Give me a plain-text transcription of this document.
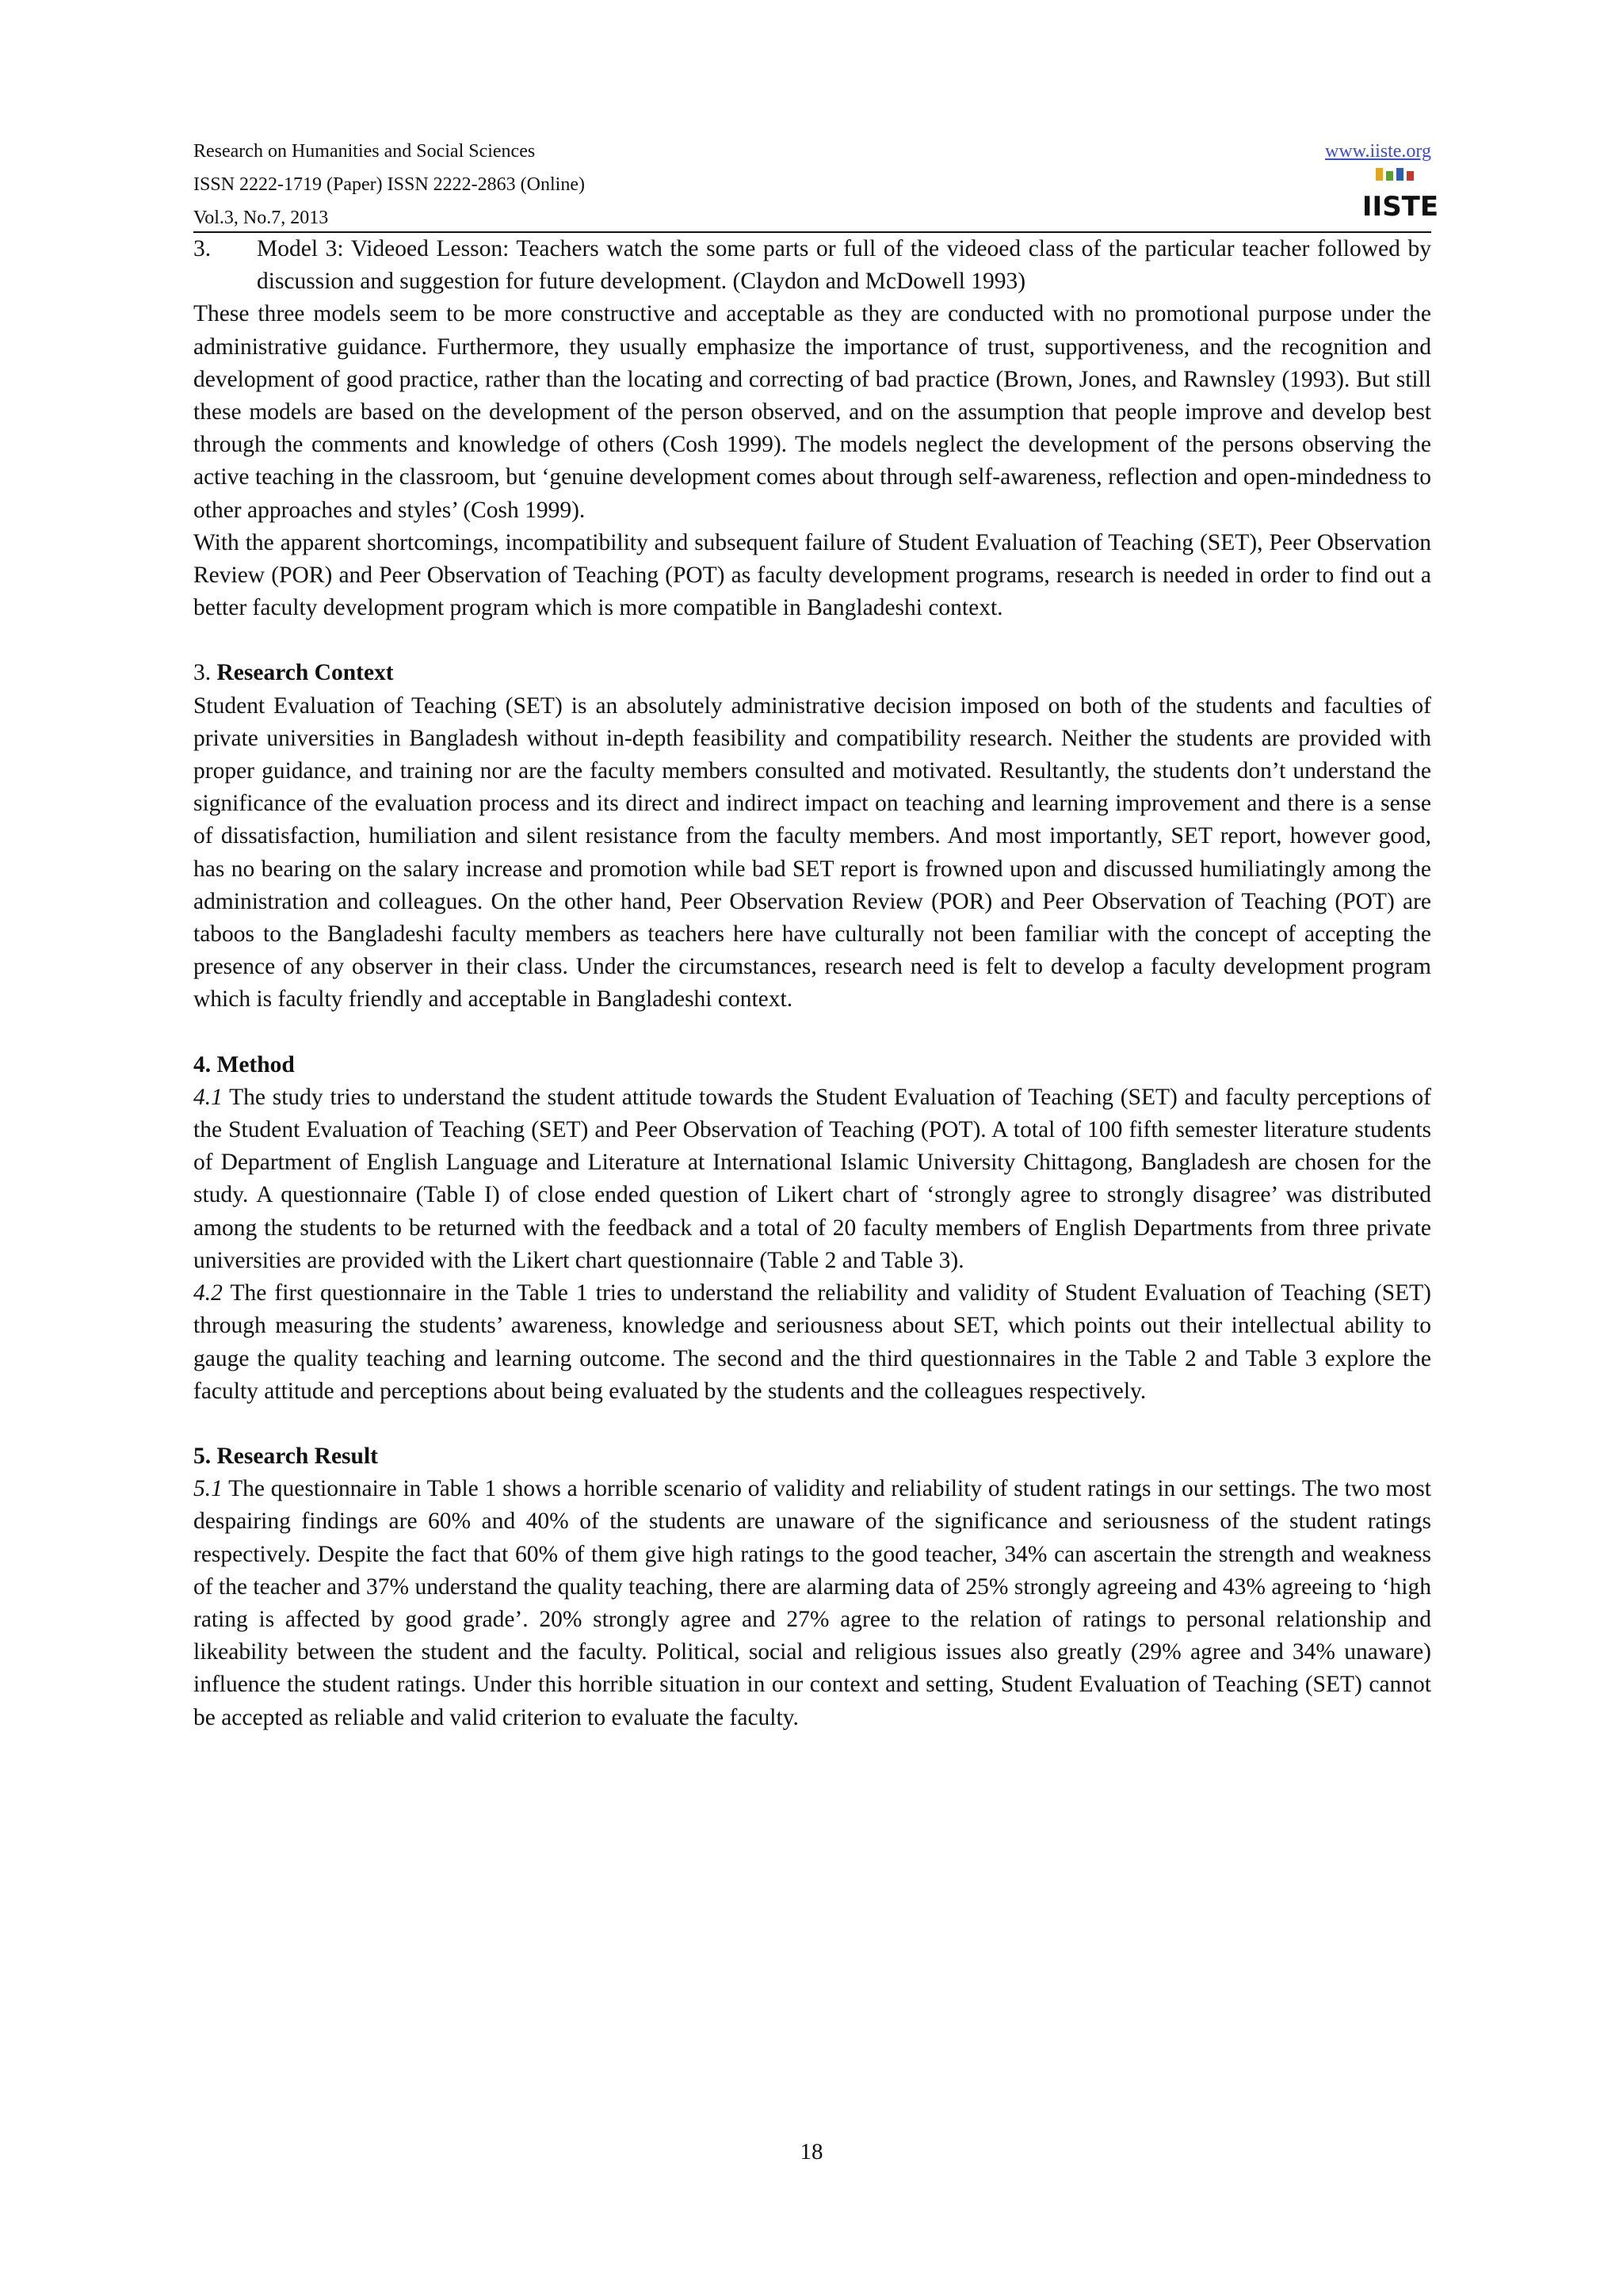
Research on Humanities and Social Sciences
ISSN 2222-1719 (Paper) ISSN 2222-2863 (Online)
Vol.3, No.7, 2013
www.iiste.org
IISTE
3. Model 3: Videoed Lesson: Teachers watch the some parts or full of the videoed class of the particular teacher followed by discussion and suggestion for future development. (Claydon and McDowell 1993)

These three models seem to be more constructive and acceptable as they are conducted with no promotional purpose under the administrative guidance. Furthermore, they usually emphasize the importance of trust, supportiveness, and the recognition and development of good practice, rather than the locating and correcting of bad practice (Brown, Jones, and Rawnsley (1993). But still these models are based on the development of the person observed, and on the assumption that people improve and develop best through the comments and knowledge of others (Cosh 1999). The models neglect the development of the persons observing the active teaching in the classroom, but ‘genuine development comes about through self-awareness, reflection and open-mindedness to other approaches and styles’ (Cosh 1999).

With the apparent shortcomings, incompatibility and subsequent failure of Student Evaluation of Teaching (SET), Peer Observation Review (POR) and Peer Observation of Teaching (POT) as faculty development programs, research is needed in order to find out a better faculty development program which is more compatible in Bangladeshi context.

3. Research Context

Student Evaluation of Teaching (SET) is an absolutely administrative decision imposed on both of the students and faculties of private universities in Bangladesh without in-depth feasibility and compatibility research. Neither the students are provided with proper guidance, and training nor are the faculty members consulted and motivated. Resultantly, the students don’t understand the significance of the evaluation process and its direct and indirect impact on teaching and learning improvement and there is a sense of dissatisfaction, humiliation and silent resistance from the faculty members. And most importantly, SET report, however good, has no bearing on the salary increase and promotion while bad SET report is frowned upon and discussed humiliatingly among the administration and colleagues. On the other hand, Peer Observation Review (POR) and Peer Observation of Teaching (POT) are taboos to the Bangladeshi faculty members as teachers here have culturally not been familiar with the concept of accepting the presence of any observer in their class. Under the circumstances, research need is felt to develop a faculty development program which is faculty friendly and acceptable in Bangladeshi context.

4. Method

4.1 The study tries to understand the student attitude towards the Student Evaluation of Teaching (SET) and faculty perceptions of the Student Evaluation of Teaching (SET) and Peer Observation of Teaching (POT). A total of 100 fifth semester literature students of Department of English Language and Literature at International Islamic University Chittagong, Bangladesh are chosen for the study. A questionnaire (Table I) of close ended question of Likert chart of ‘strongly agree to strongly disagree’ was distributed among the students to be returned with the feedback and a total of 20 faculty members of English Departments from three private universities are provided with the Likert chart questionnaire (Table 2 and Table 3).

4.2 The first questionnaire in the Table 1 tries to understand the reliability and validity of Student Evaluation of Teaching (SET) through measuring the students’ awareness, knowledge and seriousness about SET, which points out their intellectual ability to gauge the quality teaching and learning outcome. The second and the third questionnaires in the Table 2 and Table 3 explore the faculty attitude and perceptions about being evaluated by the students and the colleagues respectively.

5. Research Result

5.1 The questionnaire in Table 1 shows a horrible scenario of validity and reliability of student ratings in our settings. The two most despairing findings are 60% and 40% of the students are unaware of the significance and seriousness of the student ratings respectively. Despite the fact that 60% of them give high ratings to the good teacher, 34% can ascertain the strength and weakness of the teacher and 37% understand the quality teaching, there are alarming data of 25% strongly agreeing and 43% agreeing to ‘high rating is affected by good grade’. 20% strongly agree and 27% agree to the relation of ratings to personal relationship and likeability between the student and the faculty. Political, social and religious issues also greatly (29% agree and 34% unaware) influence the student ratings. Under this horrible situation in our context and setting, Student Evaluation of Teaching (SET) cannot be accepted as reliable and valid criterion to evaluate the faculty.

18
